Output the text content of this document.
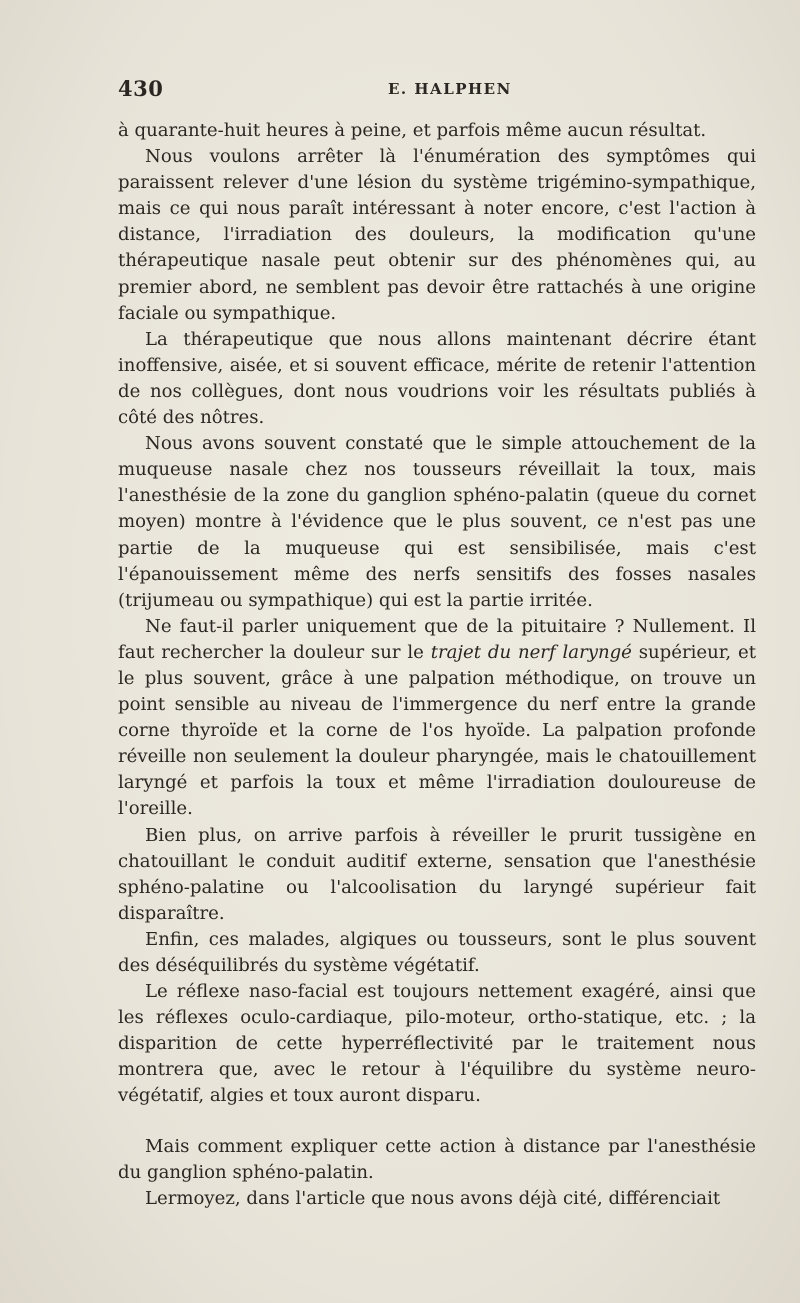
430	E. HALPHEN

à quarante-huit heures à peine, et parfois même aucun résultat.

Nous voulons arrêter là l'énumération des symptômes qui paraissent relever d'une lésion du système trigémino-sympathique, mais ce qui nous paraît intéressant à noter encore, c'est l'action à distance, l'irradiation des douleurs, la modification qu'une thérapeutique nasale peut obtenir sur des phénomènes qui, au premier abord, ne semblent pas devoir être rattachés à une origine faciale ou sympathique.

La thérapeutique que nous allons maintenant décrire étant inoffensive, aisée, et si souvent efficace, mérite de retenir l'attention de nos collègues, dont nous voudrions voir les résultats publiés à côté des nôtres.

Nous avons souvent constaté que le simple attouchement de la muqueuse nasale chez nos tousseurs réveillait la toux, mais l'anesthésie de la zone du ganglion sphéno-palatin (queue du cornet moyen) montre à l'évidence que le plus souvent, ce n'est pas une partie de la muqueuse qui est sensibilisée, mais c'est l'épanouissement même des nerfs sensitifs des fosses nasales (trijumeau ou sympathique) qui est la partie irritée.

Ne faut-il parler uniquement que de la pituitaire ? Nullement. Il faut rechercher la douleur sur le trajet du nerf laryngé supérieur, et le plus souvent, grâce à une palpation méthodique, on trouve un point sensible au niveau de l'immergence du nerf entre la grande corne thyroïde et la corne de l'os hyoïde. La palpation profonde réveille non seulement la douleur pharyngée, mais le chatouillement laryngé et parfois la toux et même l'irradiation douloureuse de l'oreille.

Bien plus, on arrive parfois à réveiller le prurit tussigène en chatouillant le conduit auditif externe, sensation que l'anesthésie sphéno-palatine ou l'alcoolisation du laryngé supérieur fait disparaître.

Enfin, ces malades, algiques ou tousseurs, sont le plus souvent des déséquilibrés du système végétatif.

Le réflexe naso-facial est toujours nettement exagéré, ainsi que les réflexes oculo-cardiaque, pilo-moteur, ortho-statique, etc. ; la disparition de cette hyperréflectivité par le traitement nous montrera que, avec le retour à l'équilibre du système neuro-végétatif, algies et toux auront disparu.

Mais comment expliquer cette action à distance par l'anesthésie du ganglion sphéno-palatin.

Lermoyez, dans l'article que nous avons déjà cité, différenciait
